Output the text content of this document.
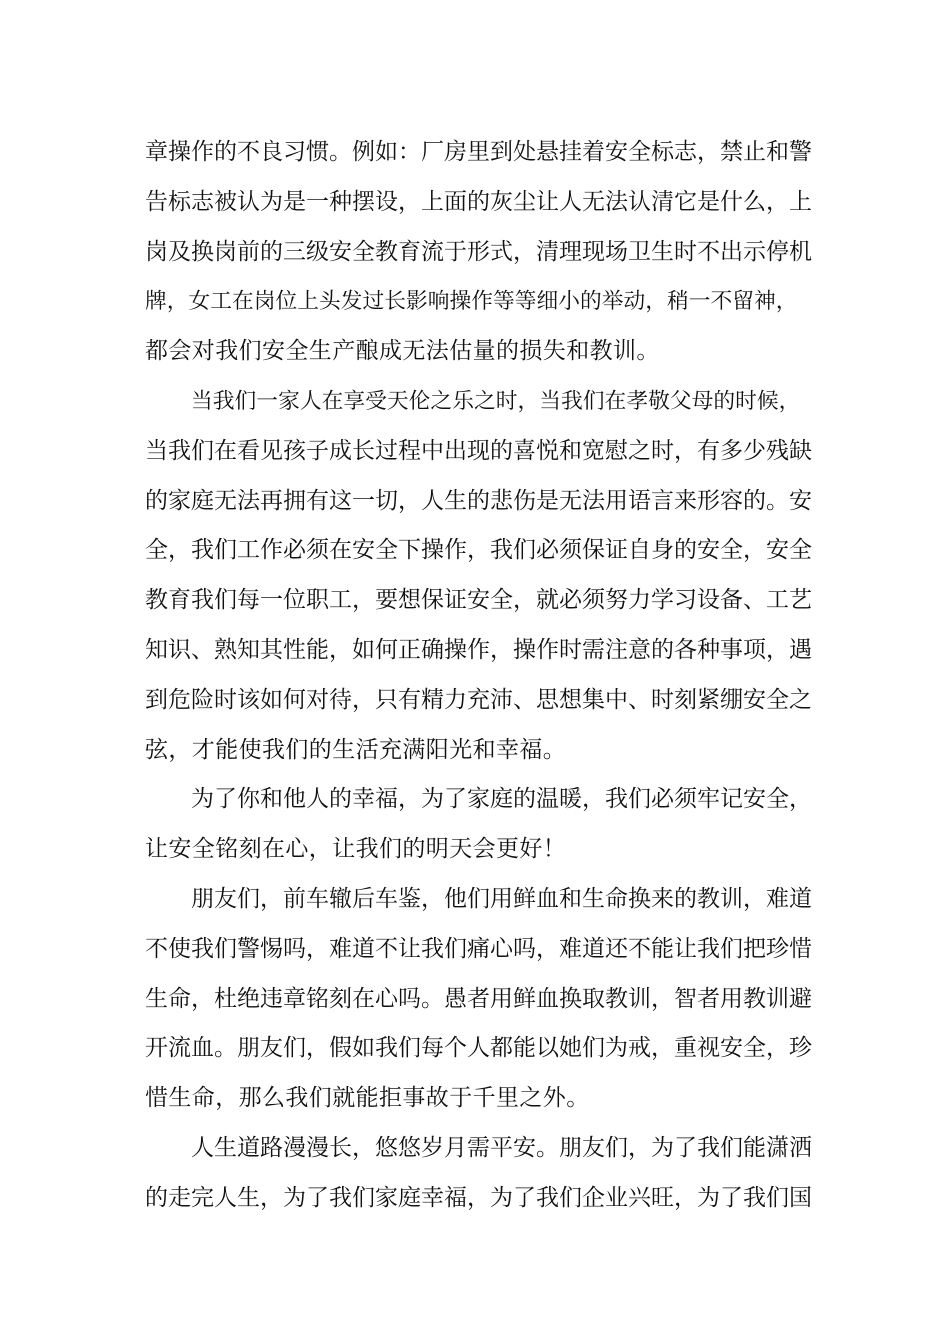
章操作的不良习惯。例如：厂房里到处悬挂着安全标志，禁止和警
告标志被认为是一种摆设，上面的灰尘让人无法认清它是什么，上
岗及换岗前的三级安全教育流于形式，清理现场卫生时不出示停机
牌，女工在岗位上头发过长影响操作等等细小的举动，稍一不留神，
都会对我们安全生产酿成无法估量的损失和教训。
当我们一家人在享受天伦之乐之时，当我们在孝敬父母的时候，
当我们在看见孩子成长过程中出现的喜悦和宽慰之时，有多少残缺
的家庭无法再拥有这一切，人生的悲伤是无法用语言来形容的。安
全，我们工作必须在安全下操作，我们必须保证自身的安全，安全
教育我们每一位职工，要想保证安全，就必须努力学习设备、工艺
知识、熟知其性能，如何正确操作，操作时需注意的各种事项，遇
到危险时该如何对待，只有精力充沛、思想集中、时刻紧绷安全之
弦，才能使我们的生活充满阳光和幸福。
为了你和他人的幸福，为了家庭的温暖，我们必须牢记安全，
让安全铭刻在心，让我们的明天会更好！
朋友们，前车辙后车鉴，他们用鲜血和生命换来的教训，难道
不使我们警惕吗，难道不让我们痛心吗，难道还不能让我们把珍惜
生命，杜绝违章铭刻在心吗。愚者用鲜血换取教训，智者用教训避
开流血。朋友们，假如我们每个人都能以她们为戒，重视安全，珍
惜生命，那么我们就能拒事故于千里之外。
人生道路漫漫长，悠悠岁月需平安。朋友们，为了我们能潇洒
的走完人生，为了我们家庭幸福，为了我们企业兴旺，为了我们国
